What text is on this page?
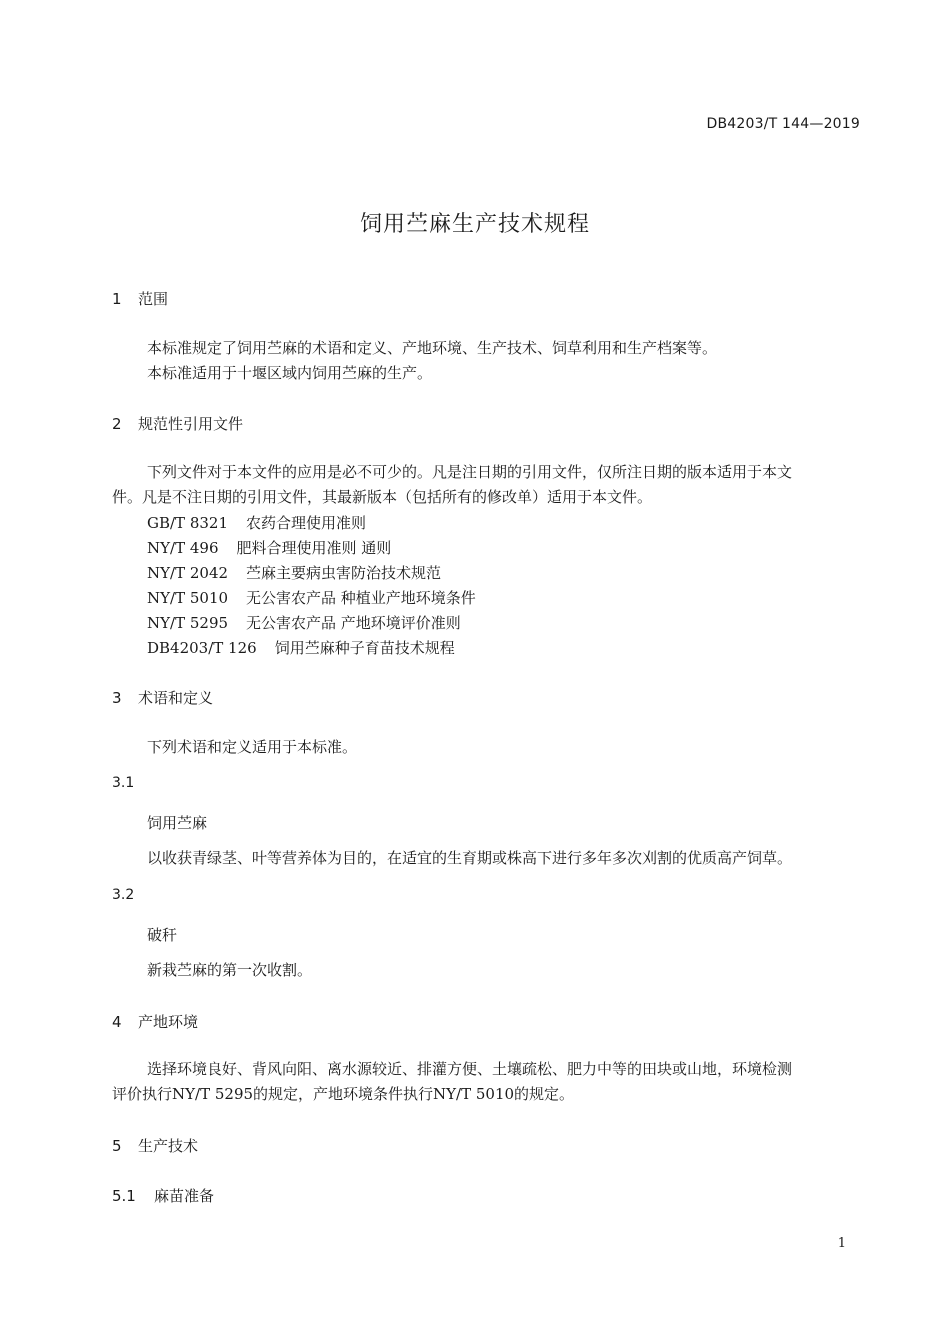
DB4203/T 144—2019
饲用苎麻生产技术规程
1 范围
本标准规定了饲用苎麻的术语和定义、产地环境、生产技术、饲草利用和生产档案等。
本标准适用于十堰区域内饲用苎麻的生产。
2 规范性引用文件
下列文件对于本文件的应用是必不可少的。凡是注日期的引用文件，仅所注日期的版本适用于本文
件。凡是不注日期的引用文件，其最新版本（包括所有的修改单）适用于本文件。
GB/T 8321 农药合理使用准则
NY/T 496 肥料合理使用准则 通则
NY/T 2042 苎麻主要病虫害防治技术规范
NY/T 5010 无公害农产品 种植业产地环境条件
NY/T 5295 无公害农产品 产地环境评价准则
DB4203/T 126 饲用苎麻种子育苗技术规程
3 术语和定义
下列术语和定义适用于本标准。
3.1
饲用苎麻
以收获青绿茎、叶等营养体为目的，在适宜的生育期或株高下进行多年多次刈割的优质高产饲草。
3.2
破秆
新栽苎麻的第一次收割。
4 产地环境
选择环境良好、背风向阳、离水源较近、排灌方便、土壤疏松、肥力中等的田块或山地，环境检测
评价执行NY/T 5295的规定，产地环境条件执行NY/T 5010的规定。
5 生产技术
5.1 麻苗准备
1
